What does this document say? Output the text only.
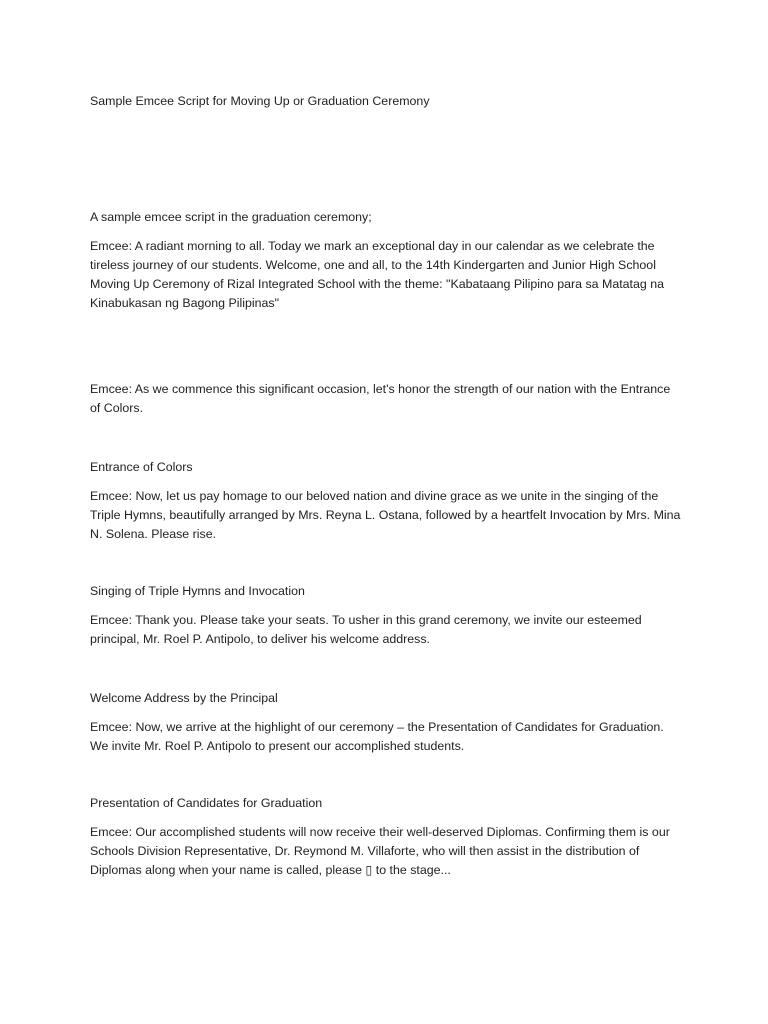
Sample Emcee Script for Moving Up or Graduation Ceremony

A sample emcee script in the graduation ceremony;

Emcee: A radiant morning to all. Today we mark an exceptional day in our calendar as we celebrate the tireless journey of our students. Welcome, one and all, to the 14th Kindergarten and Junior High School Moving Up Ceremony of Rizal Integrated School with the theme: "Kabataang Pilipino para sa Matatag na Kinabukasan ng Bagong Pilipinas"

Emcee: As we commence this significant occasion, let's honor the strength of our nation with the Entrance of Colors.

Entrance of Colors

Emcee: Now, let us pay homage to our beloved nation and divine grace as we unite in the singing of the Triple Hymns, beautifully arranged by Mrs. Reyna L. Ostana, followed by a heartfelt Invocation by Mrs. Mina N. Solena. Please rise.

Singing of Triple Hymns and Invocation

Emcee: Thank you. Please take your seats. To usher in this grand ceremony, we invite our esteemed principal, Mr. Roel P. Antipolo, to deliver his welcome address.

Welcome Address by the Principal

Emcee: Now, we arrive at the highlight of our ceremony – the Presentation of Candidates for Graduation. We invite Mr. Roel P. Antipolo to present our accomplished students.

Presentation of Candidates for Graduation

Emcee: Our accomplished students will now receive their well-deserved Diplomas. Confirming them is our Schools Division Representative, Dr. Reymond M. Villaforte, who will then assist in the distribution of Diplomas along when your name is called, please ▯ to the stage...
